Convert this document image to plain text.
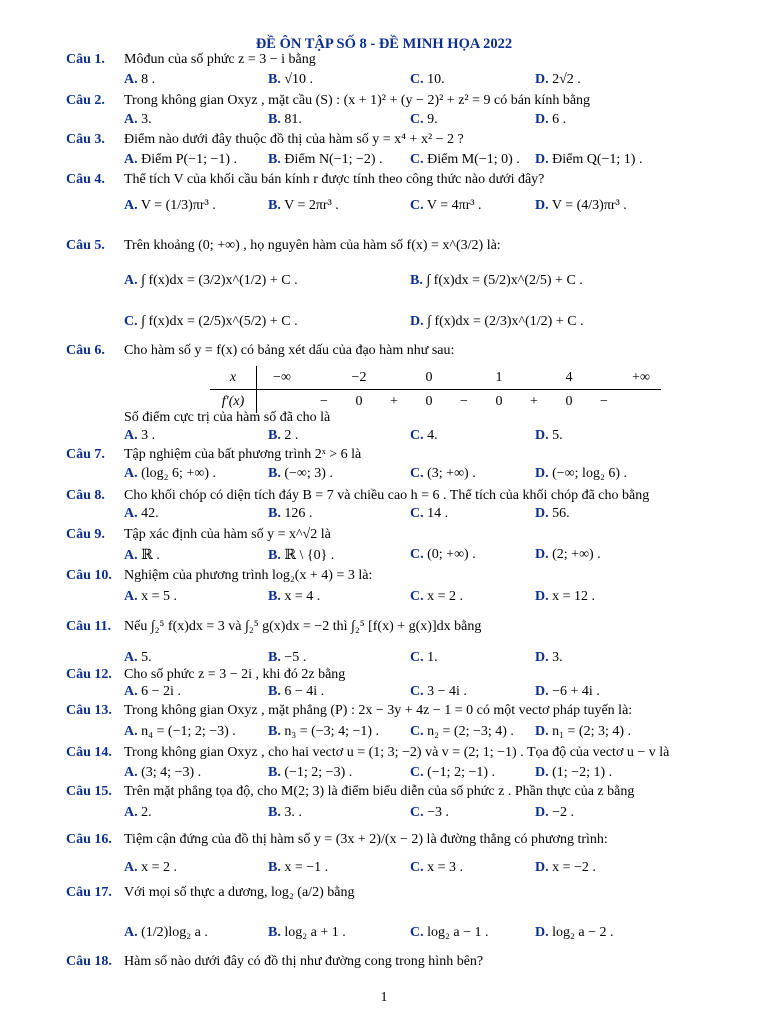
ĐỀ ÔN TẬP SỐ 8 - ĐỀ MINH HỌA 2022
Câu 1. Môđun của số phức z = 3 − i bằng
A. 8 .	B. √10 .	C. 10.	D. 2√2 .
Câu 2. Trong không gian Oxyz , mặt cầu (S) : (x + 1)² + (y − 2)² + z² = 9 có bán kính bằng
A. 3.	B. 81.	C. 9.	D. 6 .
Câu 3. Điểm nào dưới đây thuộc đồ thị của hàm số y = x⁴ + x² − 2 ?
A. Điểm P(−1; −1) . B. Điểm N(−1; −2) . C. Điểm M(−1; 0) . D. Điểm Q(−1; 1) .
Câu 4. Thể tích V của khối cầu bán kính r được tính theo công thức nào dưới đây?
A. V = (1/3)πr³ .	B. V = 2πr³ .	C. V = 4πr³ .	D. V = (4/3)πr³ .
Câu 5. Trên khoảng (0; +∞) , họ nguyên hàm của hàm số f(x) = x^(3/2) là:
A. ∫ f(x)dx = (3/2)x^(1/2) + C .	B. ∫ f(x)dx = (5/2)x^(2/5) + C .
C. ∫ f(x)dx = (2/5)x^(5/2) + C .	D. ∫ f(x)dx = (2/3)x^(1/2) + C .
Câu 6. Cho hàm số y = f(x) có bảng xét dấu của đạo hàm như sau:
x	−∞		−2		0		1		4		+∞
f′(x)		−	0	+	0	−	0	+	0	−	
Số điểm cực trị của hàm số đã cho là
A. 3 .	B. 2 .	C. 4.	D. 5.
Câu 7. Tập nghiệm của bất phương trình 2ˣ > 6 là
A. (log₂ 6; +∞) .	B. (−∞; 3) .	C. (3; +∞) .	D. (−∞; log₂ 6) .
Câu 8. Cho khối chóp có diện tích đáy B = 7 và chiều cao h = 6 . Thể tích của khối chóp đã cho bằng
A. 42.	B. 126 .	C. 14 .	D. 56.
Câu 9. Tập xác định của hàm số y = x^√2 là
A. ℝ .	B. ℝ \ {0} .	C. (0; +∞) .	D. (2; +∞) .
Câu 10. Nghiệm của phương trình log₂(x + 4) = 3 là:
A. x = 5 .	B. x = 4 .	C. x = 2 .	D. x = 12 .
Câu 11. Nếu ∫₂⁵ f(x)dx = 3 và ∫₂⁵ g(x)dx = −2 thì ∫₂⁵ [f(x) + g(x)]dx bằng
A. 5.	B. −5 .	C. 1.	D. 3.
Câu 12. Cho số phức z = 3 − 2i , khi đó 2z bằng
A. 6 − 2i .	B. 6 − 4i .	C. 3 − 4i .	D. −6 + 4i .
Câu 13. Trong không gian Oxyz , mặt phẳng (P) : 2x − 3y + 4z − 1 = 0 có một vectơ pháp tuyến là:
A. n₄ = (−1; 2; −3) . B. n₃ = (−3; 4; −1) . C. n₂ = (2; −3; 4) . D. n₁ = (2; 3; 4) .
Câu 14. Trong không gian Oxyz , cho hai vectơ u = (1; 3; −2) và v = (2; 1; −1) . Tọa độ của vectơ u − v là
A. (3; 4; −3) .	B. (−1; 2; −3) .	C. (−1; 2; −1) .	D. (1; −2; 1) .
Câu 15. Trên mặt phẳng tọa độ, cho M(2; 3) là điểm biểu diễn của số phức z . Phần thực của z bằng
A. 2.	B. 3. .	C. −3 .	D. −2 .
Câu 16. Tiệm cận đứng của đồ thị hàm số y = (3x + 2)/(x − 2) là đường thẳng có phương trình:
A. x = 2 .	B. x = −1 .	C. x = 3 .	D. x = −2 .
Câu 17. Với mọi số thực a dương, log₂ (a/2) bằng
A. (1/2)log₂ a .	B. log₂ a + 1 .	C. log₂ a − 1 .	D. log₂ a − 2 .
Câu 18. Hàm số nào dưới đây có đồ thị như đường cong trong hình bên?
1
